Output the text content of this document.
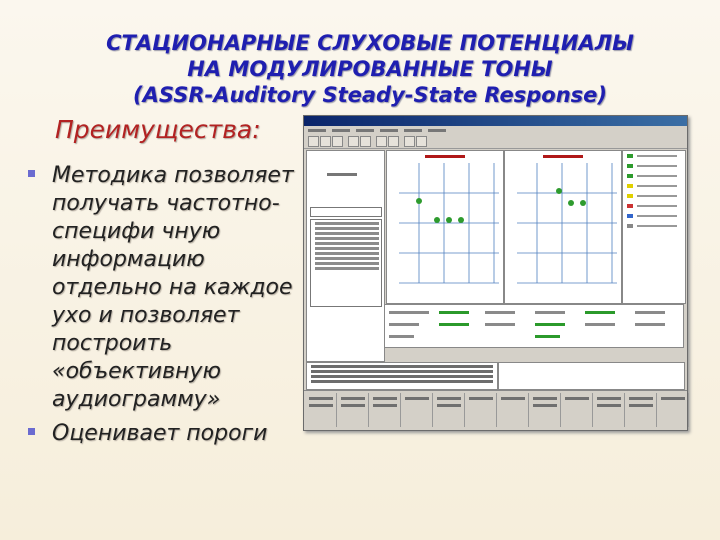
СТАЦИОНАРНЫЕ СЛУХОВЫЕ ПОТЕНЦИАЛЫ
НА МОДУЛИРОВАННЫЕ ТОНЫ
(ASSR-Auditory Steady-State Response)
Преимущества:
Методика позволяет получать частотно-специфи чную информацию отдельно на каждое ухо и позволяет построить «объективную аудиограмму»
Оценивает пороги
